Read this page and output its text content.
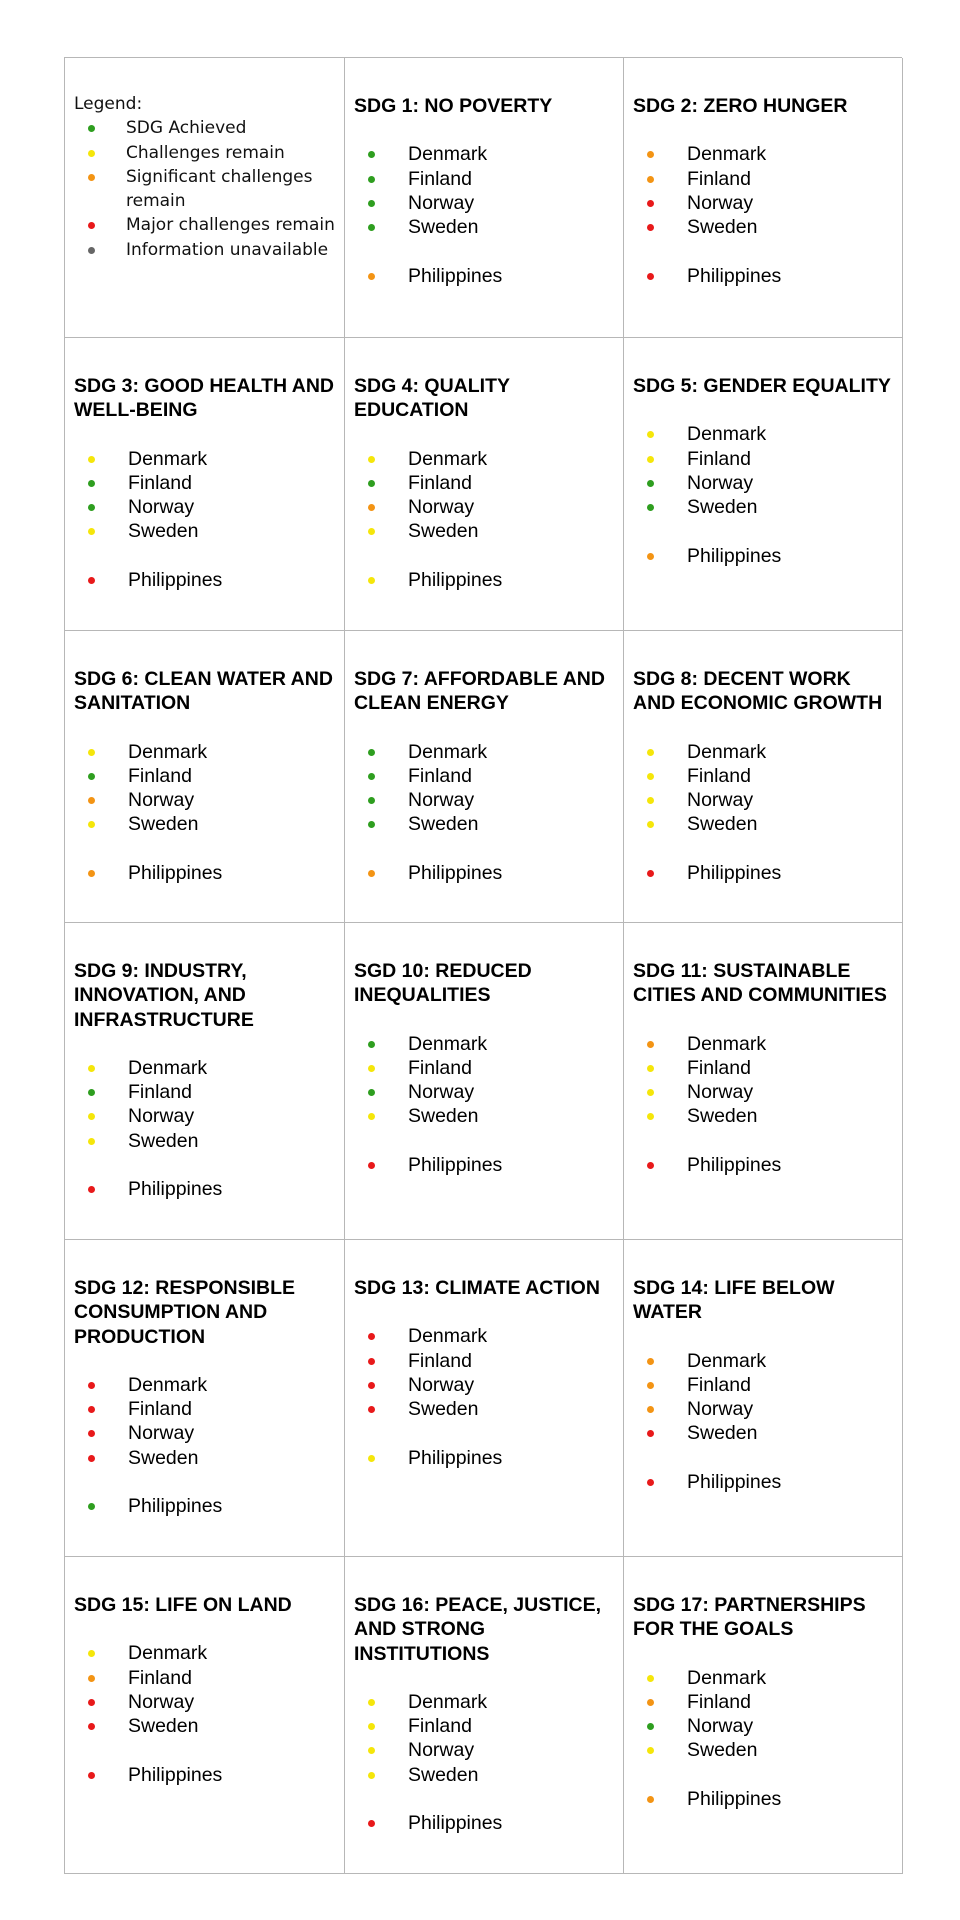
Legend:
SDG Achieved
Challenges remain
Significant challenges remain
Major challenges remain
Information unavailable
SDG 1: NO POVERTY
Denmark
Finland
Norway
Sweden
Philippines
SDG 2: ZERO HUNGER
Denmark
Finland
Norway
Sweden
Philippines
SDG 3: GOOD HEALTH AND WELL-BEING
Denmark
Finland
Norway
Sweden
Philippines
SDG 4: QUALITY EDUCATION
Denmark
Finland
Norway
Sweden
Philippines
SDG 5: GENDER EQUALITY
Denmark
Finland
Norway
Sweden
Philippines
SDG 6: CLEAN WATER AND SANITATION
Denmark
Finland
Norway
Sweden
Philippines
SDG 7: AFFORDABLE AND CLEAN ENERGY
Denmark
Finland
Norway
Sweden
Philippines
SDG 8: DECENT WORK AND ECONOMIC GROWTH
Denmark
Finland
Norway
Sweden
Philippines
SDG 9: INDUSTRY, INNOVATION, AND INFRASTRUCTURE
Denmark
Finland
Norway
Sweden
Philippines
SGD 10: REDUCED INEQUALITIES
Denmark
Finland
Norway
Sweden
Philippines
SDG 11: SUSTAINABLE CITIES AND COMMUNITIES
Denmark
Finland
Norway
Sweden
Philippines
SDG 12: RESPONSIBLE CONSUMPTION AND PRODUCTION
Denmark
Finland
Norway
Sweden
Philippines
SDG 13: CLIMATE ACTION
Denmark
Finland
Norway
Sweden
Philippines
SDG 14: LIFE BELOW WATER
Denmark
Finland
Norway
Sweden
Philippines
SDG 15: LIFE ON LAND
Denmark
Finland
Norway
Sweden
Philippines
SDG 16: PEACE, JUSTICE, AND STRONG INSTITUTIONS
Denmark
Finland
Norway
Sweden
Philippines
SDG 17: PARTNERSHIPS FOR THE GOALS
Denmark
Finland
Norway
Sweden
Philippines
